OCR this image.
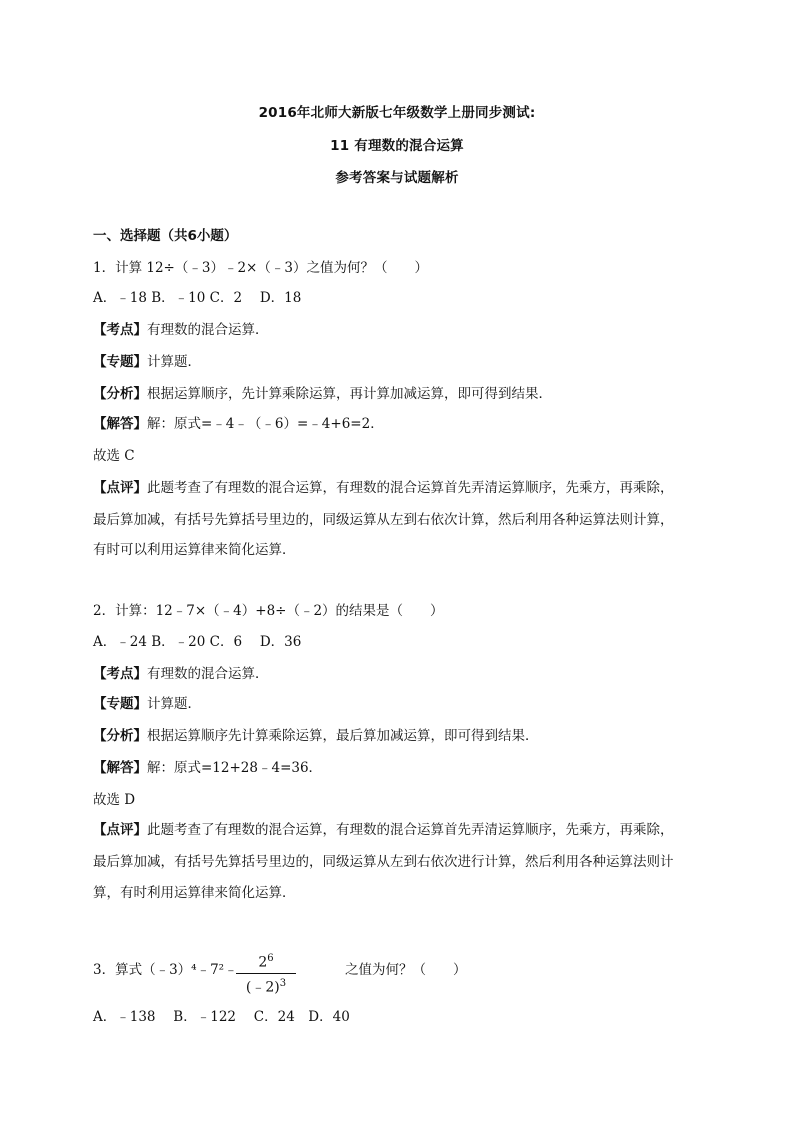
2016年北师大新版七年级数学上册同步测试:
11 有理数的混合运算
参考答案与试题解析
一、选择题（共6小题）
1．计算 12÷（﹣3）﹣2×（﹣3）之值为何？（　　）
A．﹣18 B．﹣10 C．2　 D．18
【考点】有理数的混合运算．
【专题】计算题．
【分析】根据运算顺序，先计算乘除运算，再计算加减运算，即可得到结果．
【解答】解：原式=﹣4﹣（﹣6）=﹣4+6=2．
故选 C
【点评】此题考查了有理数的混合运算，有理数的混合运算首先弄清运算顺序，先乘方，再乘除，
最后算加减，有括号先算括号里边的，同级运算从左到右依次计算，然后利用各种运算法则计算，
有时可以利用运算律来简化运算．
2．计算：12﹣7×（﹣4）+8÷（﹣2）的结果是（　　）
A．﹣24 B．﹣20 C．6　 D．36
【考点】有理数的混合运算．
【专题】计算题．
【分析】根据运算顺序先计算乘除运算，最后算加减运算，即可得到结果．
【解答】解：原式=12+28﹣4=36．
故选 D
【点评】此题考查了有理数的混合运算，有理数的混合运算首先弄清运算顺序，先乘方，再乘除，
最后算加减，有括号先算括号里边的，同级运算从左到右依次进行计算，然后利用各种运算法则计
算，有时利用运算律来简化运算．
3．算式（﹣3）⁴﹣7²﹣	$2^6$
(﹣2)$^3$
之值为何？（　　）
A．﹣138　 B．﹣122　 C．24　D．40
